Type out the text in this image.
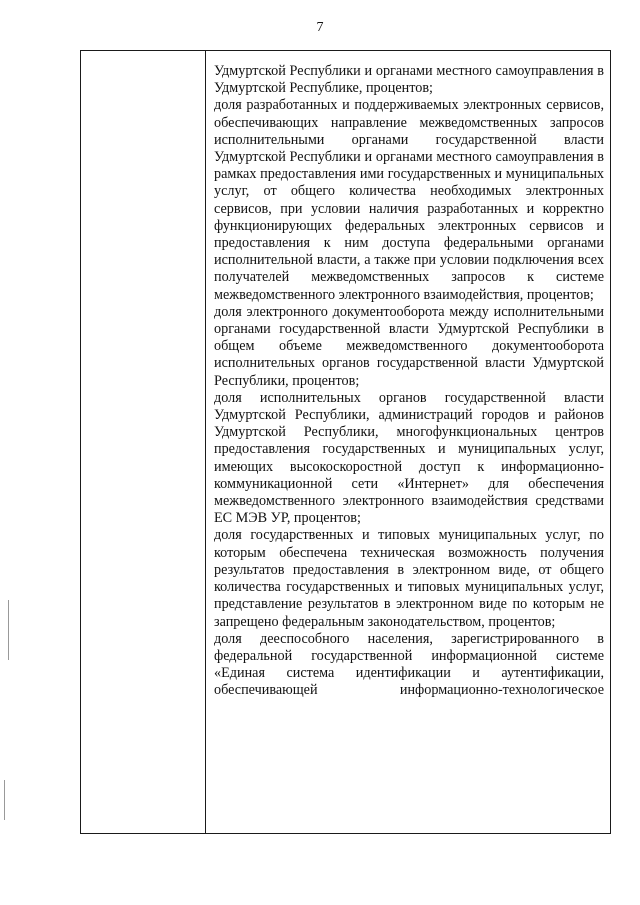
7

Удмуртской Республики и органами местного самоуправления в Удмуртской Республике, процентов;

доля разработанных и поддерживаемых электронных сервисов, обеспечивающих направление межведомственных запросов исполнительными органами государственной власти Удмуртской Республики и органами местного самоуправления в рамках предоставления ими государственных и муниципальных услуг, от общего количества необходимых электронных сервисов, при условии наличия разработанных и корректно функционирующих федеральных электронных сервисов и предоставления к ним доступа федеральными органами исполнительной власти, а также при условии подключения всех получателей межведомственных запросов к системе межведомственного электронного взаимодействия, процентов;

доля электронного документооборота между исполнительными органами государственной власти Удмуртской Республики в общем объеме межведомственного документооборота исполнительных органов государственной власти Удмуртской Республики, процентов;

доля исполнительных органов государственной власти Удмуртской Республики, администраций городов и районов Удмуртской Республики, многофункциональных центров предоставления государственных и муниципальных услуг, имеющих высокоскоростной доступ к информационно-коммуникационной сети «Интернет» для обеспечения межведомственного электронного взаимодействия средствами ЕС МЭВ УР, процентов;

доля государственных и типовых муниципальных услуг, по которым обеспечена техническая возможность получения результатов предоставления в электронном виде, от общего количества государственных и типовых муниципальных услуг, представление результатов в электронном виде по которым не запрещено федеральным законодательством, процентов;

доля дееспособного населения, зарегистрированного в федеральной государственной информационной системе «Единая система идентификации и аутентификации, обеспечивающей информационно-технологическое
